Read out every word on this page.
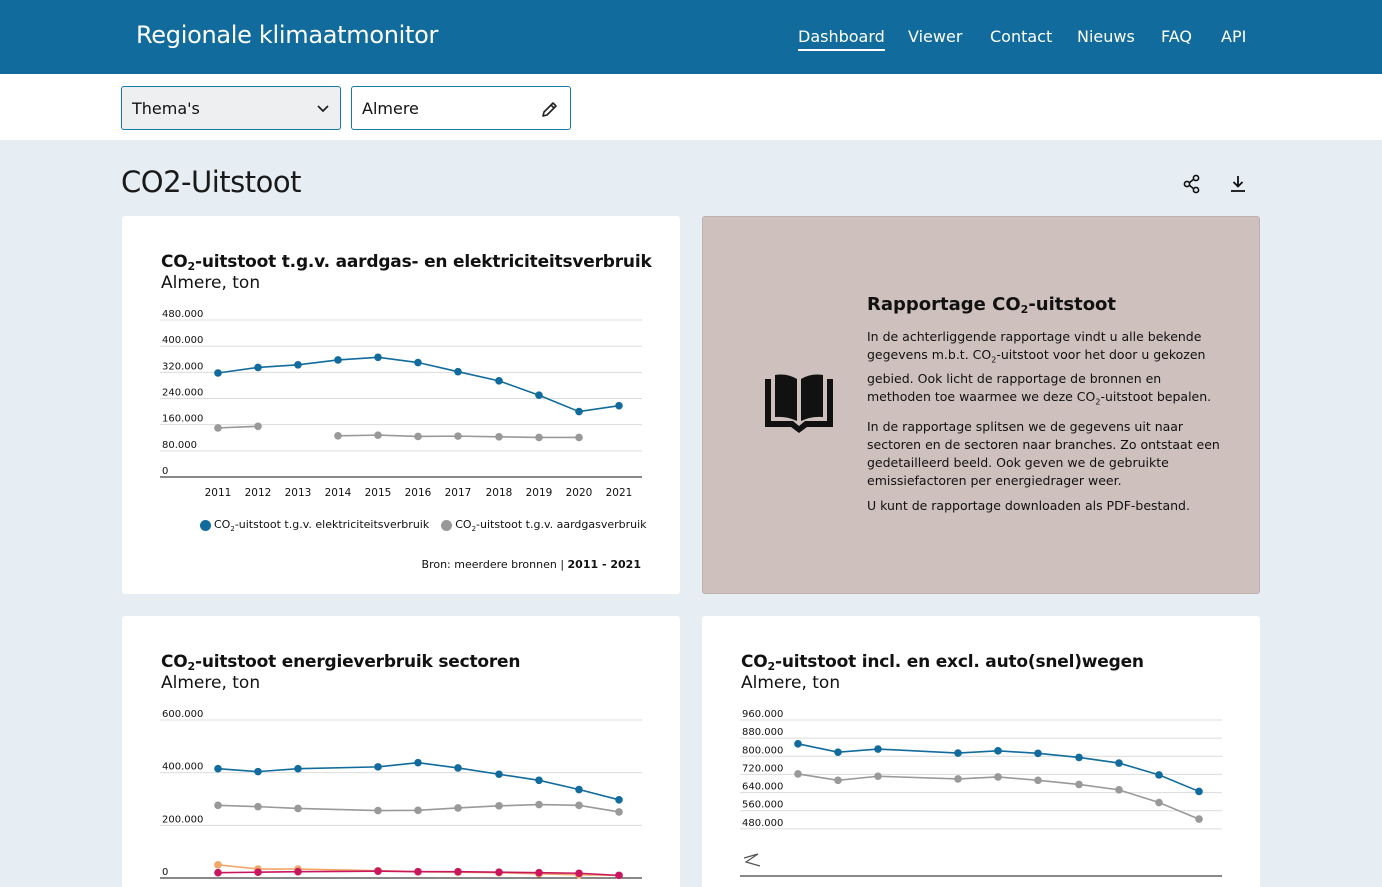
Regionale klimaatmonitor	Dashboard Viewer Contact Nieuws FAQ API
Thema's	Almere
CO2-Uitstoot
$CO_2$-uitstoot t.g.v. aardgas- en elektriciteitsverbruik
Almere, ton
0
80.000
160.000
240.000
320.000
400.000
480.000
2011 2012 2013 2014 2015 2016 2017 2018 2019 2020 2021
$CO_2$-uitstoot t.g.v. elektriciteitsverbruik $CO_2$-uitstoot t.g.v. aardgasverbruik
Bron: meerdere bronnen | 2011 - 2021
Rapportage $CO_2$-uitstoot

In de achterliggende rapportage vindt u alle bekende gegevens m.b.t. $CO_2$-uitstoot voor het door u gekozen gebied. Ook licht de rapportage de bronnen en methoden toe waarmee we deze $CO_2$-uitstoot bepalen.

In de rapportage splitsen we de gegevens uit naar sectoren en de sectoren naar branches. Zo ontstaat een gedetailleerd beeld. Ook geven we de gebruikte emissiefactoren per energiedrager weer.

U kunt de rapportage downloaden als PDF-bestand.

$CO_2$-uitstoot energieverbruik sectoren
Almere, ton
0
200.000
400.000
600.000
$CO_2$-uitstoot incl. en excl. auto(snel)wegen
Almere, ton
480.000
560.000
640.000
720.000
800.000
880.000
960.000
